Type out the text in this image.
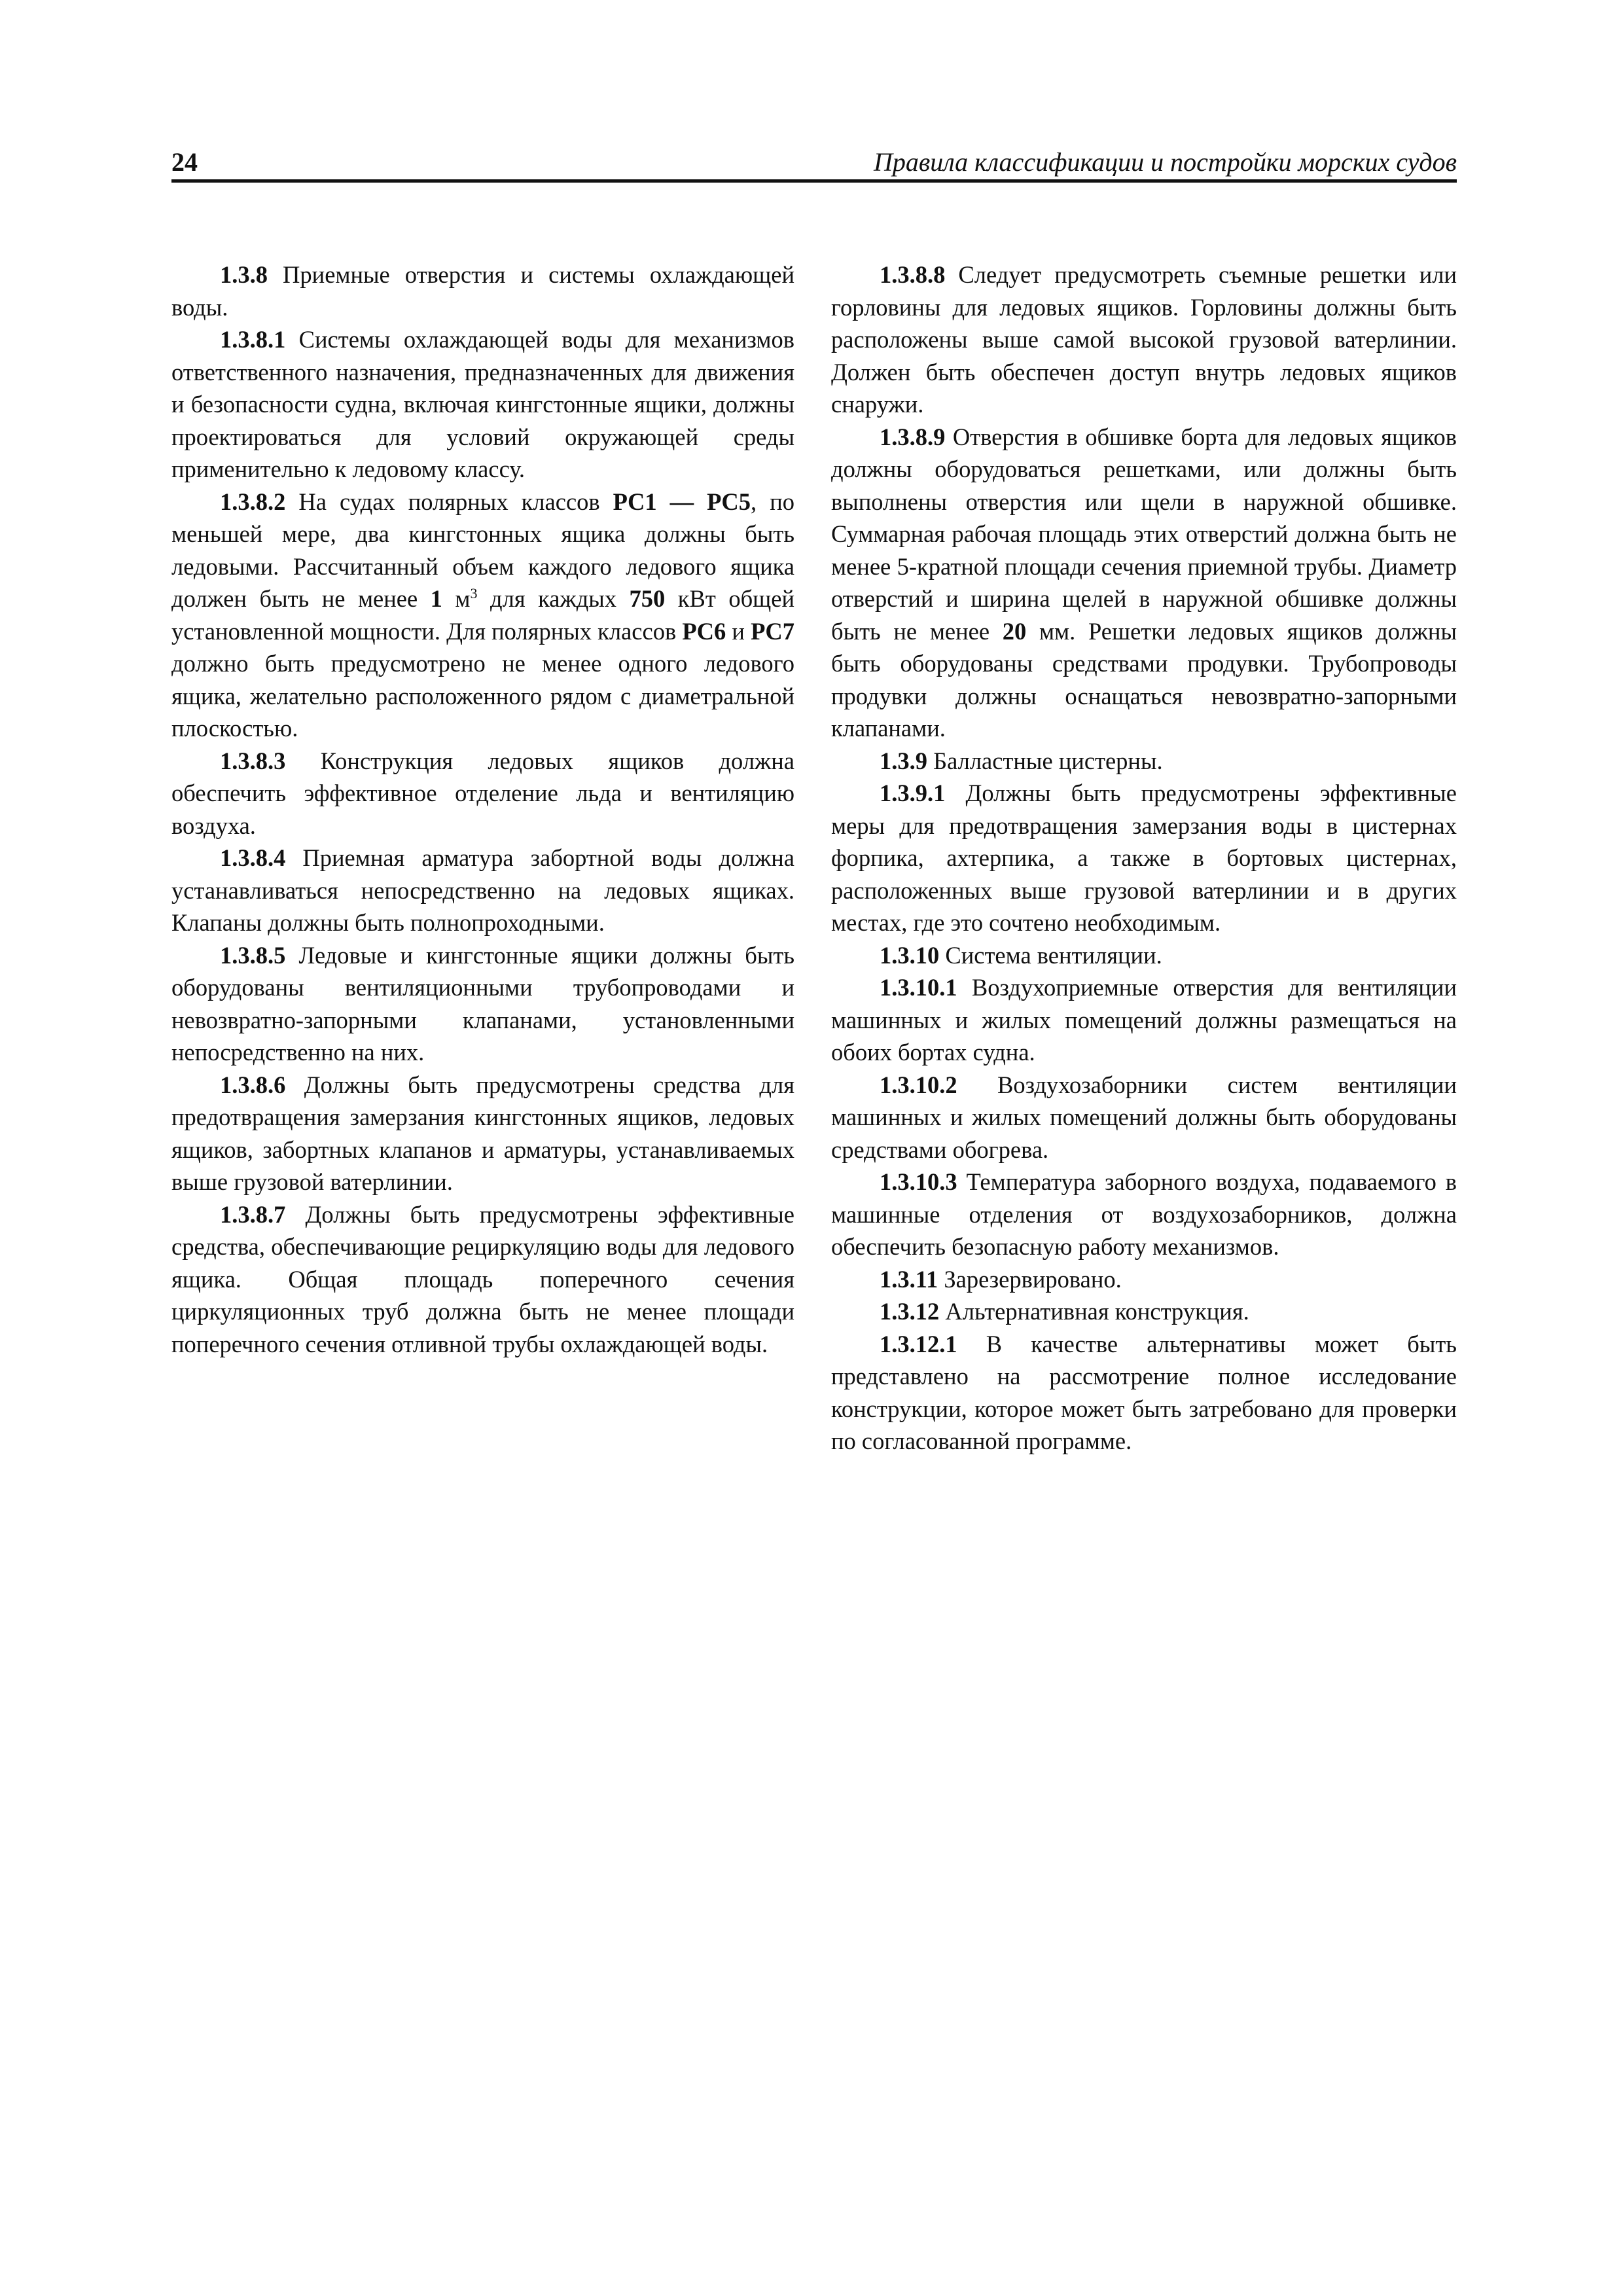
24	Правила классификации и постройки морских судов

1.3.8 Приемные отверстия и системы охлаждающей воды.

1.3.8.1 Системы охлаждающей воды для механизмов ответственного назначения, предназначенных для движения и безопасности судна, включая кингстонные ящики, должны проектироваться для условий окружающей среды применительно к ледовому классу.

1.3.8.2 На судах полярных классов PC1 — PC5, по меньшей мере, два кингстонных ящика должны быть ледовыми. Рассчитанный объем каждого ледового ящика должен быть не менее 1 $м^3$ для каждых 750 кВт общей установленной мощности. Для полярных классов PC6 и PC7 должно быть предусмотрено не менее одного ледового ящика, желательно расположенного рядом с диаметральной плоскостью.

1.3.8.3 Конструкция ледовых ящиков должна обеспечить эффективное отделение льда и вентиляцию воздуха.

1.3.8.4 Приемная арматура забортной воды должна устанавливаться непосредственно на ледовых ящиках. Клапаны должны быть полнопроходными.

1.3.8.5 Ледовые и кингстонные ящики должны быть оборудованы вентиляционными трубопроводами и невозвратно-запорными клапанами, установленными непосредственно на них.

1.3.8.6 Должны быть предусмотрены средства для предотвращения замерзания кингстонных ящиков, ледовых ящиков, забортных клапанов и арматуры, устанавливаемых выше грузовой ватерлинии.

1.3.8.7 Должны быть предусмотрены эффективные средства, обеспечивающие рециркуляцию воды для ледового ящика. Общая площадь поперечного сечения циркуляционных труб должна быть не менее площади поперечного сечения отливной трубы охлаждающей воды.

1.3.8.8 Следует предусмотреть съемные решетки или горловины для ледовых ящиков. Горловины должны быть расположены выше самой высокой грузовой ватерлинии. Должен быть обеспечен доступ внутрь ледовых ящиков снаружи.

1.3.8.9 Отверстия в обшивке борта для ледовых ящиков должны оборудоваться решетками, или должны быть выполнены отверстия или щели в наружной обшивке. Суммарная рабочая площадь этих отверстий должна быть не менее 5-кратной площади сечения приемной трубы. Диаметр отверстий и ширина щелей в наружной обшивке должны быть не менее 20 мм. Решетки ледовых ящиков должны быть оборудованы средствами продувки. Трубопроводы продувки должны оснащаться невозвратно-запорными клапанами.

1.3.9 Балластные цистерны.

1.3.9.1 Должны быть предусмотрены эффективные меры для предотвращения замерзания воды в цистернах форпика, ахтерпика, а также в бортовых цистернах, расположенных выше грузовой ватерлинии и в других местах, где это сочтено необходимым.

1.3.10 Система вентиляции.

1.3.10.1 Воздухоприемные отверстия для вентиляции машинных и жилых помещений должны размещаться на обоих бортах судна.

1.3.10.2 Воздухозаборники систем вентиляции машинных и жилых помещений должны быть оборудованы средствами обогрева.

1.3.10.3 Температура заборного воздуха, подаваемого в машинные отделения от воздухозаборников, должна обеспечить безопасную работу механизмов.

1.3.11 Зарезервировано.

1.3.12 Альтернативная конструкция.

1.3.12.1 В качестве альтернативы может быть представлено на рассмотрение полное исследование конструкции, которое может быть затребовано для проверки по согласованной программе.
